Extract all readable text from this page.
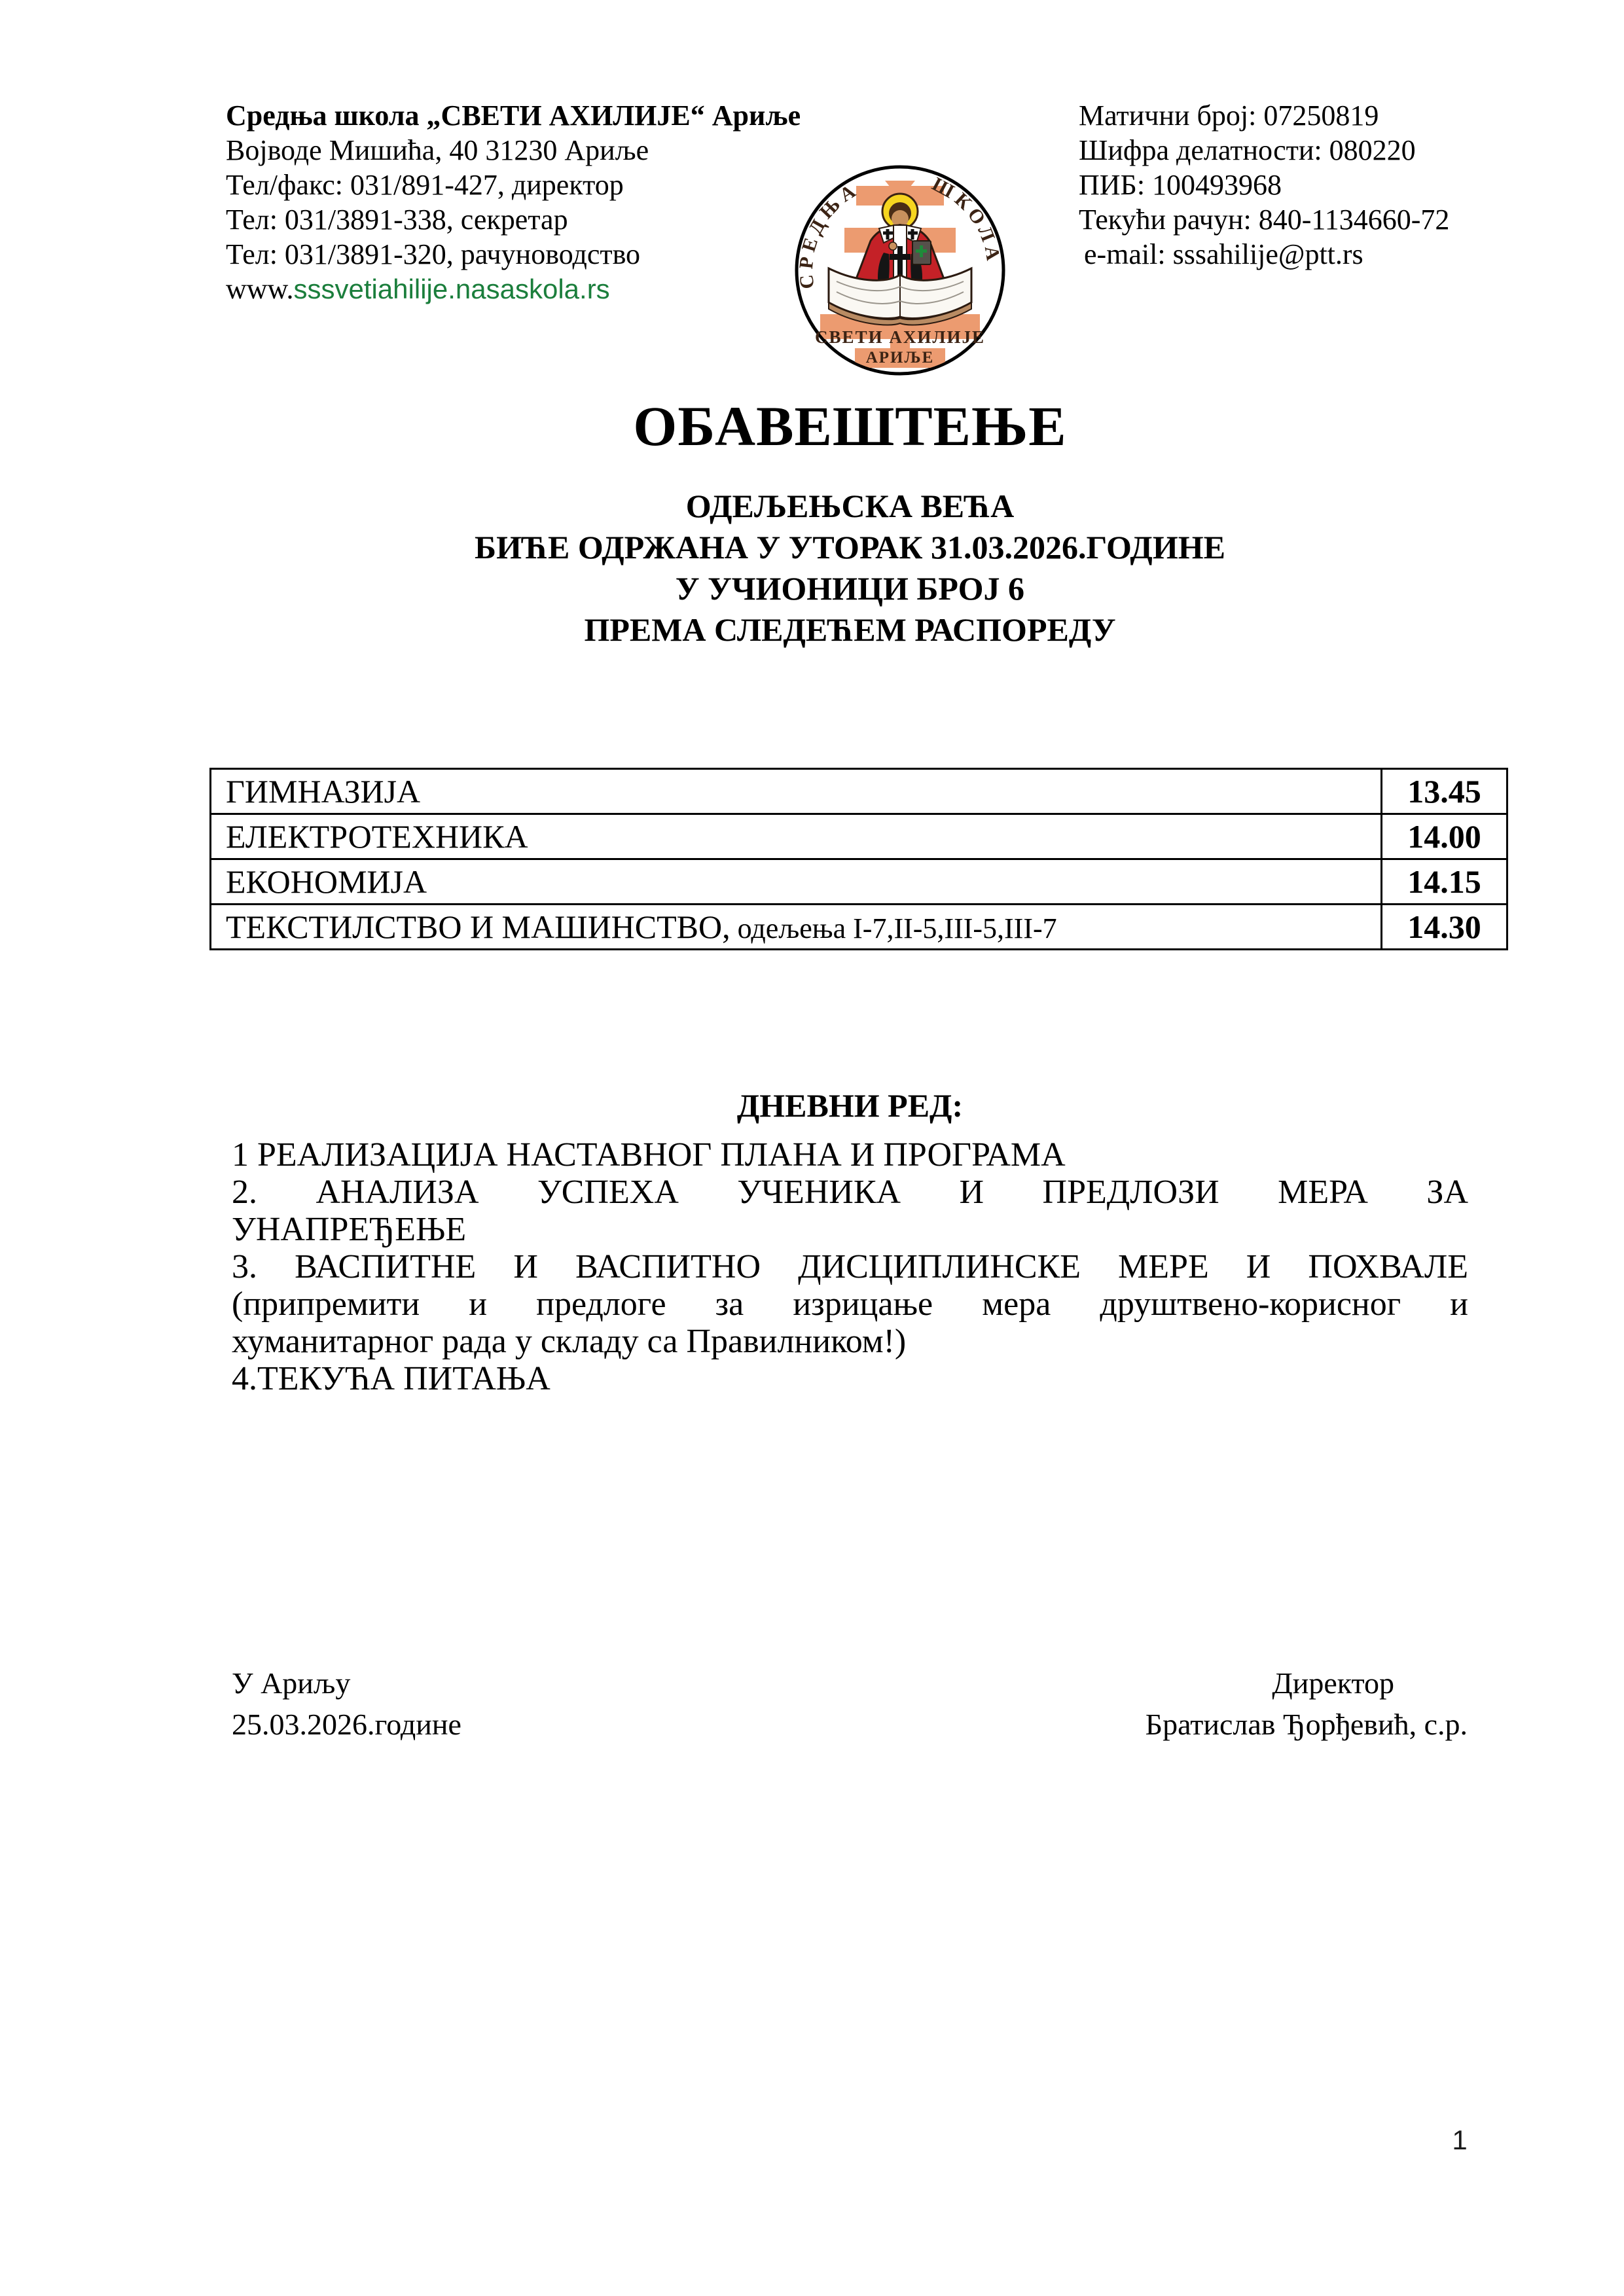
Средња школа „СВЕТИ АХИЛИЈЕ“ Ариље
Војводе Мишића, 40 31230 Ариље
Тел/факс: 031/891-427, директор
Тел: 031/3891-338, секретар
Тел: 031/3891-320, рачуноводство
www.sssvetiahilije.nasaskola.rs
Матични број: 07250819
Шифра делатности: 080220
ПИБ: 100493968
Текући рачун: 840-1134660-72
e-mail: sssahilije@ptt.rs
СРЕДЊА	ШКОЛА
СВЕТИ АХИЛИЈЕ
АРИЉЕ
ОБАВЕШТЕЊЕ
ОДЕЉЕЊСКА ВЕЋА
БИЋЕ ОДРЖАНА У УТОРАК 31.03.2026.ГОДИНЕ
У УЧИОНИЦИ БРОЈ 6
ПРЕМА СЛЕДЕЋЕМ РАСПОРЕДУ
ГИМНАЗИЈА	13.45
ЕЛЕКТРОТЕХНИКА	14.00
ЕКОНОМИЈА	14.15
ТЕКСТИЛСТВО И МАШИНСТВО, одељења I-7,II-5,III-5,III-7	14.30
ДНЕВНИ РЕД:
1 РЕАЛИЗАЦИЈА НАСТАВНОГ ПЛАНА И ПРОГРАМА
2. АНАЛИЗА УСПЕХА УЧЕНИКА И ПРЕДЛОЗИ МЕРА ЗА
УНАПРЕЂЕЊЕ
3. ВАСПИТНЕ И ВАСПИТНО ДИСЦИПЛИНСКЕ МЕРЕ И ПОХВАЛЕ
(припремити и предлоге за изрицање мера друштвено-корисног и
хуманитарног рада у складу са Правилником!)
4.ТЕКУЋА ПИТАЊА
У Ариљу
25.03.2026.године
Директор
Братислав Ђорђевић, с.р.
1
